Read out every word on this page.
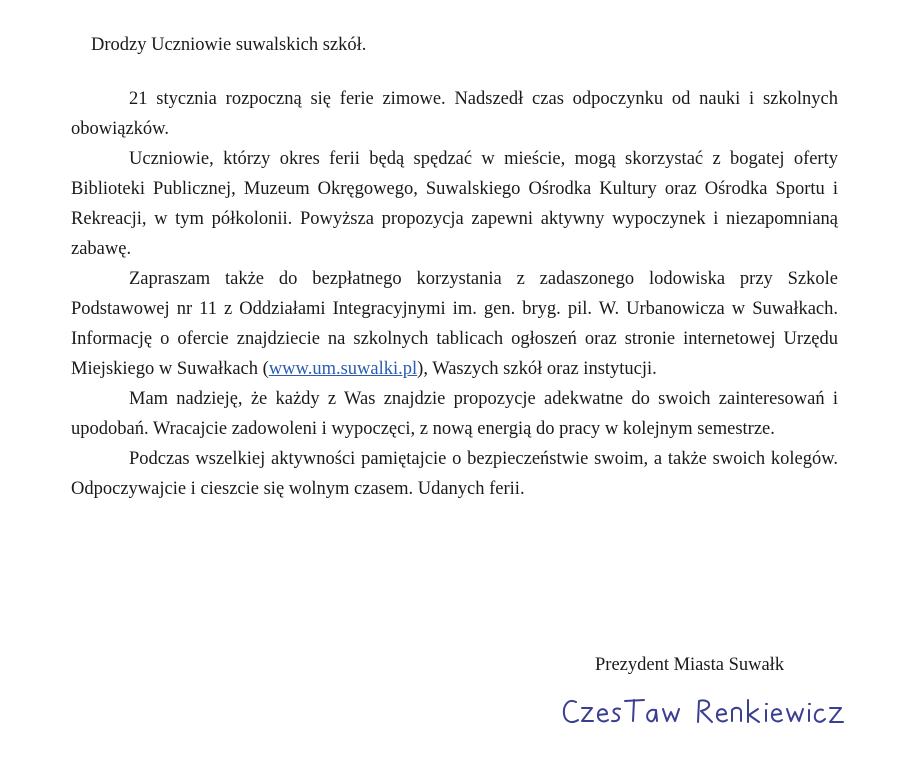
Drodzy Uczniowie suwalskich szkół.

21 stycznia rozpoczną się ferie zimowe. Nadszedł czas odpoczynku od nauki i szkolnych obowiązków.

Uczniowie, którzy okres ferii będą spędzać w mieście, mogą skorzystać z bogatej oferty Biblioteki Publicznej, Muzeum Okręgowego, Suwalskiego Ośrodka Kultury oraz Ośrodka Sportu i Rekreacji, w tym półkolonii. Powyższa propozycja zapewni aktywny wypoczynek i niezapomnianą zabawę.

Zapraszam także do bezpłatnego korzystania z zadaszonego lodowiska przy Szkole Podstawowej nr 11 z Oddziałami Integracyjnymi im. gen. bryg. pil. W. Urbanowicza w Suwałkach. Informację o ofercie znajdziecie na szkolnych tablicach ogłoszeń oraz stronie internetowej Urzędu Miejskiego w Suwałkach (www.um.suwalki.pl), Waszych szkół oraz instytucji.

Mam nadzieję, że każdy z Was znajdzie propozycje adekwatne do swoich zainteresowań i upodobań. Wracajcie zadowoleni i wypoczęci, z nową energią do pracy w kolejnym semestrze.

Podczas wszelkiej aktywności pamiętajcie o bezpieczeństwie swoim, a także swoich kolegów. Odpoczywajcie i cieszcie się wolnym czasem. Udanych ferii.

Prezydent Miasta Suwałk
